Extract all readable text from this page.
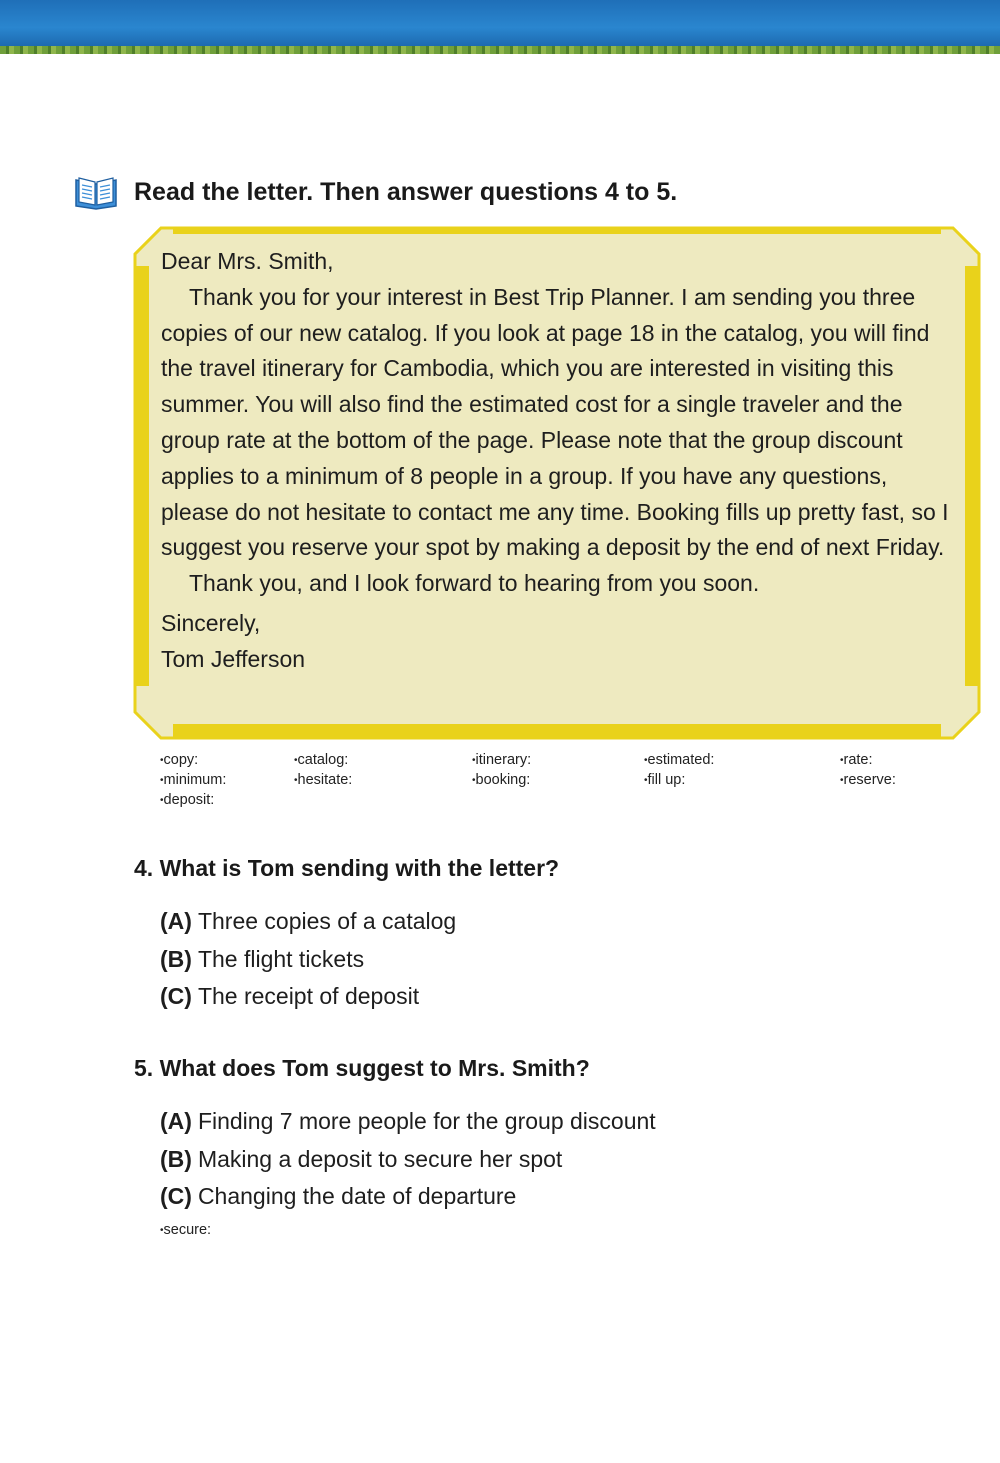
Read the letter. Then answer questions 4 to 5.

Dear Mrs. Smith,

Thank you for your interest in Best Trip Planner. I am sending you three copies of our new catalog. If you look at page 18 in the catalog, you will find the travel itinerary for Cambodia, which you are interested in visiting this summer. You will also find the estimated cost for a single traveler and the group rate at the bottom of the page. Please note that the group discount applies to a minimum of 8 people in a group. If you have any questions, please do not hesitate to contact me any time. Booking fills up pretty fast, so I suggest you reserve your spot by making a deposit by the end of next Friday.

Thank you, and I look forward to hearing from you soon.

Sincerely,

Tom Jefferson

• copy:	• catalog:	• itinerary:	• estimated:	• rate:
• minimum:	• hesitate:	• booking:	• fill up:	• reserve:
• deposit:
4. What is Tom sending with the letter?
(A) Three copies of a catalog
(B) The flight tickets
(C) The receipt of deposit
5. What does Tom suggest to Mrs. Smith?
(A) Finding 7 more people for the group discount
(B) Making a deposit to secure her spot
(C) Changing the date of departure
• secure:
